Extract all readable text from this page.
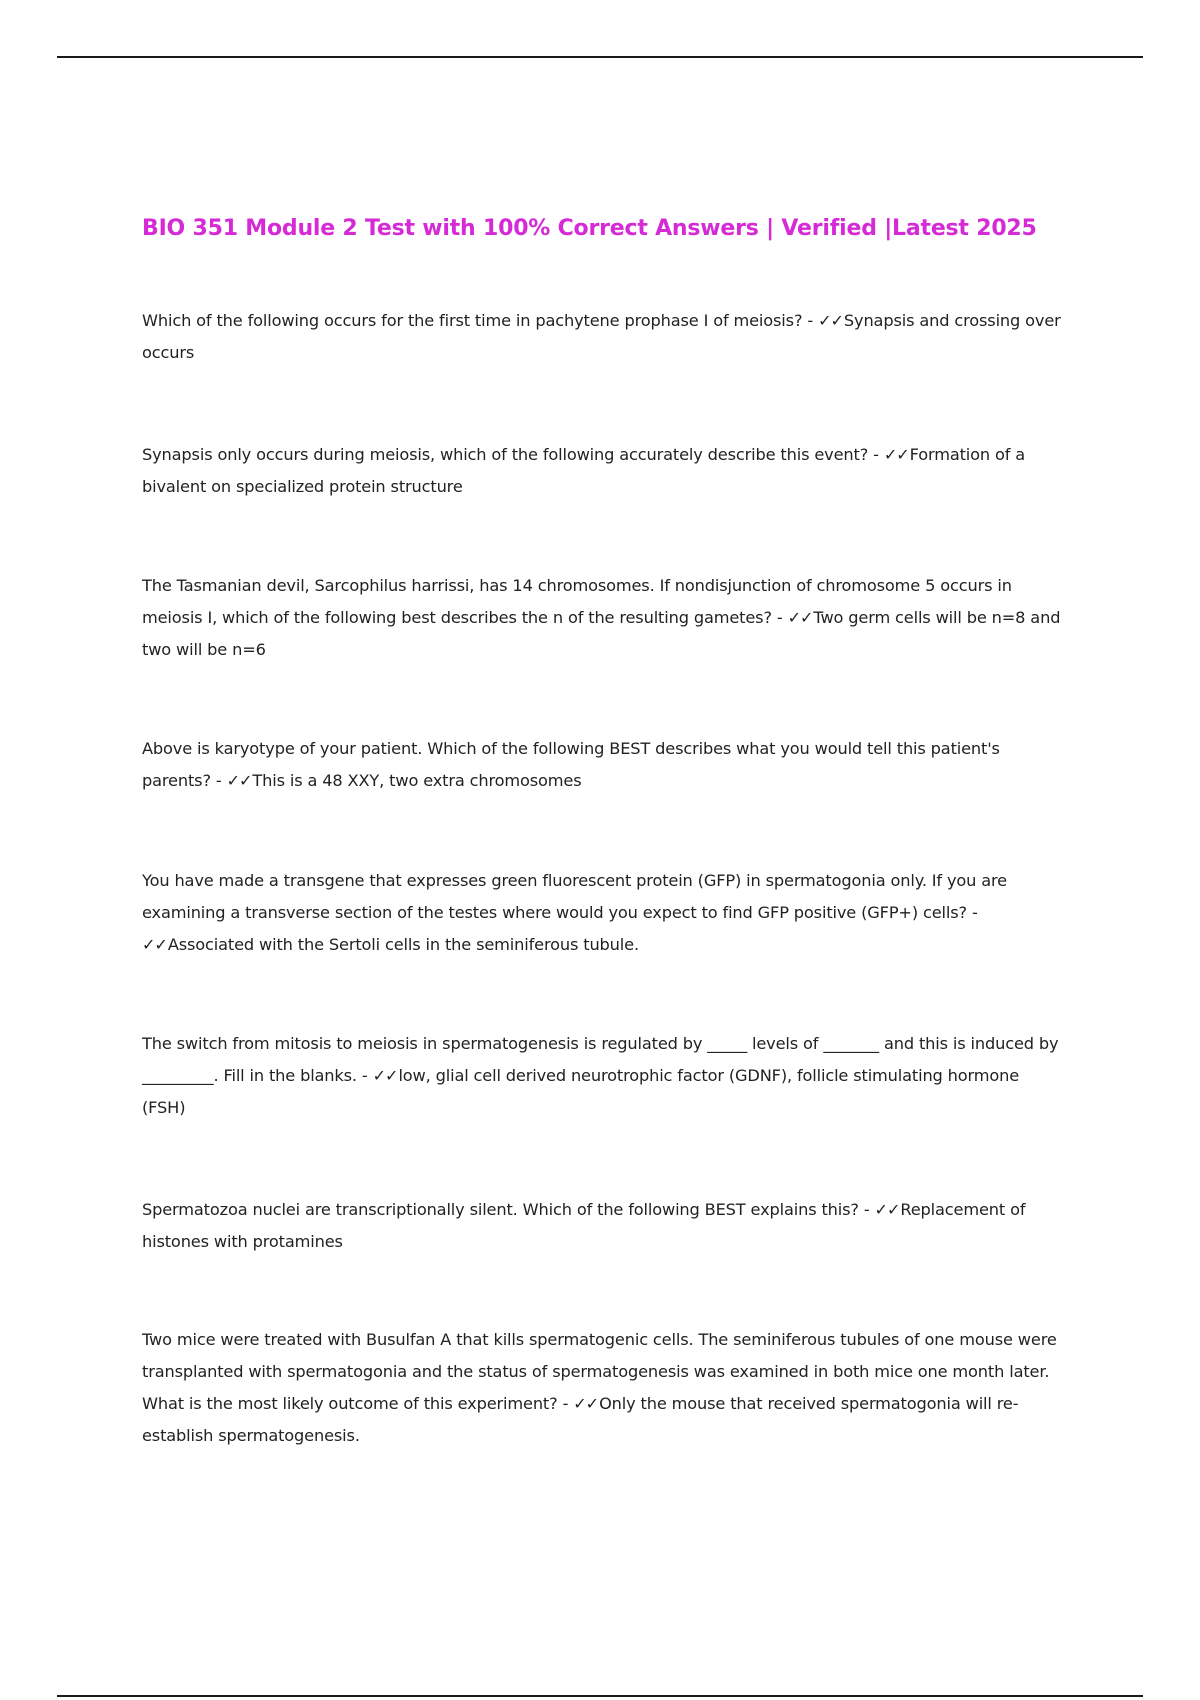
BIO 351 Module 2 Test with 100% Correct Answers | Verified |Latest 2025

Which of the following occurs for the first time in pachytene prophase I of meiosis? - ✓✓Synapsis and crossing over occurs

Synapsis only occurs during meiosis, which of the following accurately describe this event? - ✓✓Formation of a bivalent on specialized protein structure

The Tasmanian devil, Sarcophilus harrissi, has 14 chromosomes. If nondisjunction of chromosome 5 occurs in meiosis I, which of the following best describes the n of the resulting gametes? - ✓✓Two germ cells will be n=8 and two will be n=6

Above is karyotype of your patient. Which of the following BEST describes what you would tell this patient's parents? - ✓✓This is a 48 XXY, two extra chromosomes

You have made a transgene that expresses green fluorescent protein (GFP) in spermatogonia only. If you are examining a transverse section of the testes where would you expect to find GFP positive (GFP+) cells? - ✓✓Associated with the Sertoli cells in the seminiferous tubule.

The switch from mitosis to meiosis in spermatogenesis is regulated by _____ levels of _______ and this is induced by _________. Fill in the blanks. - ✓✓low, glial cell derived neurotrophic factor (GDNF), follicle stimulating hormone (FSH)

Spermatozoa nuclei are transcriptionally silent. Which of the following BEST explains this? - ✓✓Replacement of histones with protamines

Two mice were treated with Busulfan A that kills spermatogenic cells. The seminiferous tubules of one mouse were transplanted with spermatogonia and the status of spermatogenesis was examined in both mice one month later. What is the most likely outcome of this experiment? - ✓✓Only the mouse that received spermatogonia will re-establish spermatogenesis.
